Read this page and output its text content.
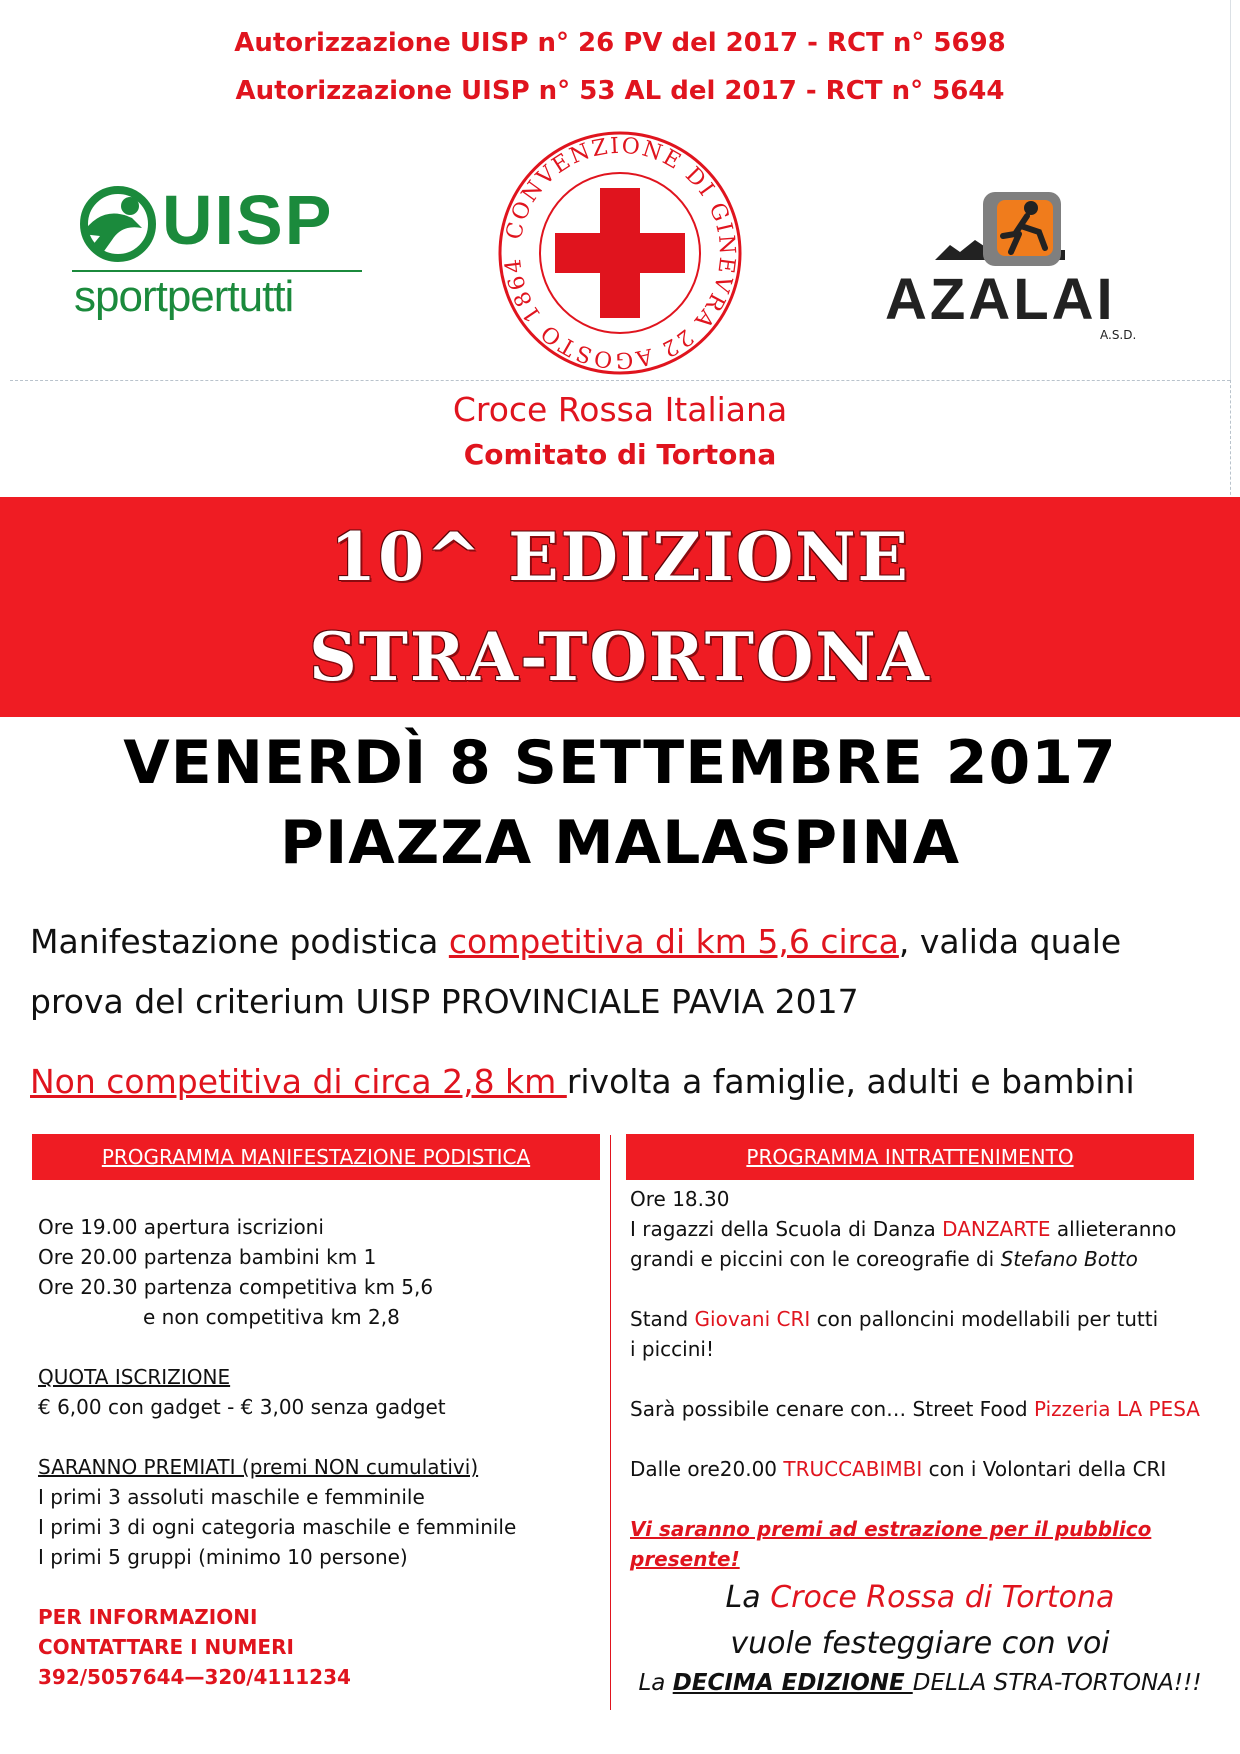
Autorizzazione UISP n° 26 PV del 2017 - RCT n° 5698
Autorizzazione UISP n° 53 AL del 2017 - RCT n° 5644
UISP
sportpertutti
CONVENZIONE DI GINEVRA 22 AGOSTO 1864
AZALAI
A.S.D.
Croce Rossa Italiana
Comitato di Tortona
10^ EDIZIONE
STRA-TORTONA
VENERDÌ 8 SETTEMBRE 2017
PIAZZA MALASPINA
Manifestazione podistica competitiva di km 5,6 circa, valida quale
prova del criterium UISP PROVINCIALE PAVIA 2017
Non competitiva di circa 2,8 km rivolta a famiglie, adulti e bambini
PROGRAMMA MANIFESTAZIONE PODISTICA	PROGRAMMA INTRATTENIMENTO

Ore 19.00 apertura iscrizioni

Ore 20.00 partenza bambini km 1

Ore 20.30 partenza competitiva km 5,6

e non competitiva km 2,8

QUOTA ISCRIZIONE

€ 6,00 con gadget - € 3,00 senza gadget

SARANNO PREMIATI (premi NON cumulativi)

I primi 3 assoluti maschile e femminile

I primi 3 di ogni categoria maschile e femminile

I primi 5 gruppi (minimo 10 persone)

PER INFORMAZIONI

CONTATTARE I NUMERI

392/5057644—320/4111234

Ore 18.30

I ragazzi della Scuola di Danza DANZARTE allieteranno

grandi e piccini con le coreografie di Stefano Botto

Stand Giovani CRI con palloncini modellabili per tutti

i piccini!

Sarà possibile cenare con… Street Food Pizzeria LA PESA

Dalle ore20.00 TRUCCABIMBI con i Volontari della CRI

Vi saranno premi ad estrazione per il pubblico presente!

La Croce Rossa di Tortona
vuole festeggiare con voi
La DECIMA EDIZIONE DELLA STRA-TORTONA!!!
